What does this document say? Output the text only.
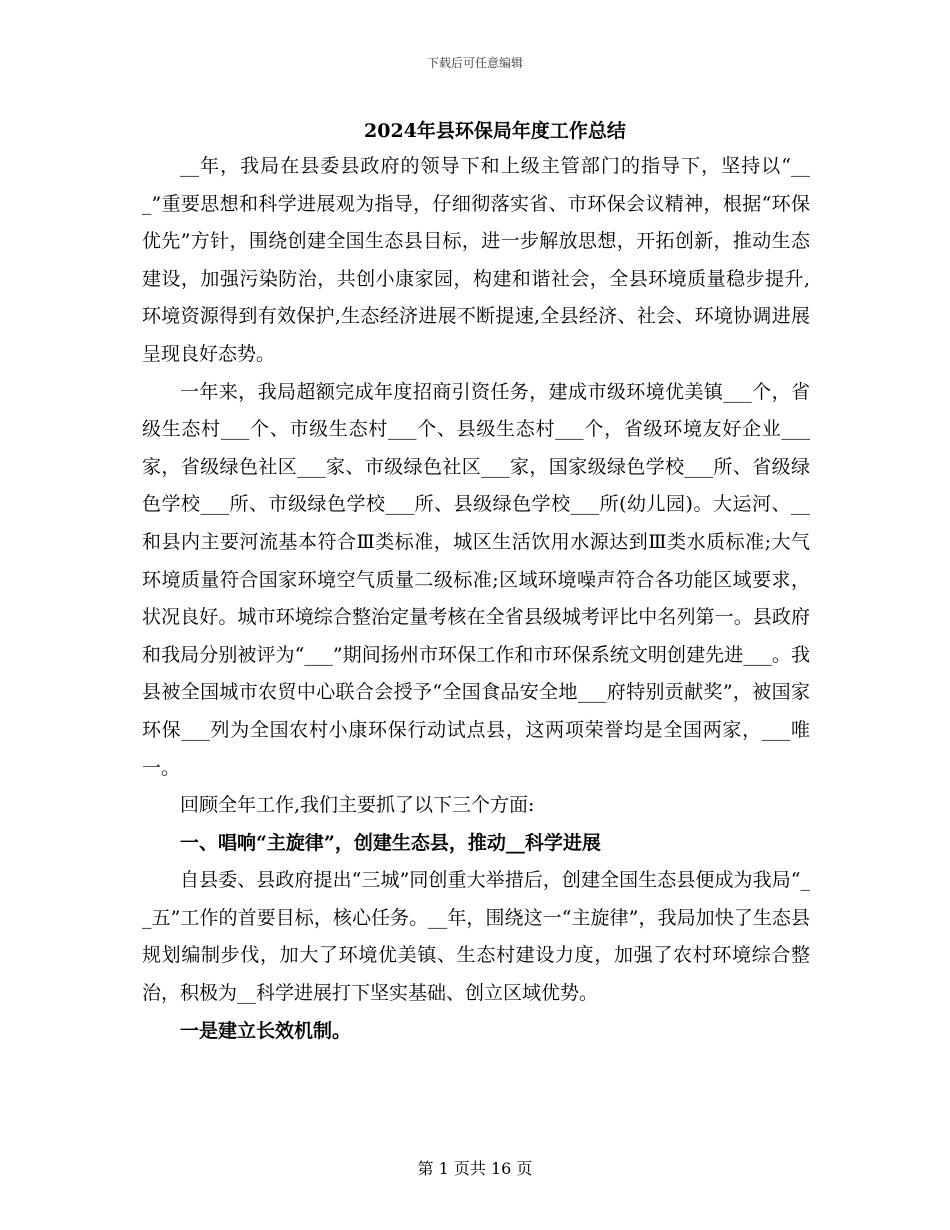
下载后可任意编辑
2024年县环保局年度工作总结

__年，我局在县委县政府的领导下和上级主管部门的指导下，坚持以“___”重要思想和科学进展观为指导，仔细彻落实省、市环保会议精神，根据“环保优先”方针，围绕创建全国生态县目标，进一步解放思想，开拓创新，推动生态建设，加强污染防治，共创小康家园，构建和谐社会，全县环境质量稳步提升,环境资源得到有效保护,生态经济进展不断提速,全县经济、社会、环境协调进展呈现良好态势。

一年来，我局超额完成年度招商引资任务，建成市级环境优美镇___个，省级生态村___个、市级生态村___个、县级生态村___个，省级环境友好企业___家，省级绿色社区___家、市级绿色社区___家，国家级绿色学校___所、省级绿色学校___所、市级绿色学校___所、县级绿色学校___所(幼儿园)。大运河、__和县内主要河流基本符合Ⅲ类标准，城区生活饮用水源达到Ⅲ类水质标准;大气环境质量符合国家环境空气质量二级标准;区域环境噪声符合各功能区域要求，状况良好。城市环境综合整治定量考核在全省县级城考评比中名列第一。县政府和我局分别被评为“___”期间扬州市环保工作和市环保系统文明创建先进___。我县被全国城市农贸中心联合会授予“全国食品安全地___府特别贡献奖”，被国家环保___列为全国农村小康环保行动试点县，这两项荣誉均是全国两家，___唯一。

回顾全年工作,我们主要抓了以下三个方面:

一、唱响“主旋律”，创建生态县，推动__科学进展

自县委、县政府提出“三城”同创重大举措后，创建全国生态县便成为我局“__五”工作的首要目标，核心任务。__年，围绕这一“主旋律”，我局加快了生态县规划编制步伐，加大了环境优美镇、生态村建设力度，加强了农村环境综合整治，积极为__科学进展打下坚实基础、创立区域优势。

一是建立长效机制。

第 1 页共 16 页
